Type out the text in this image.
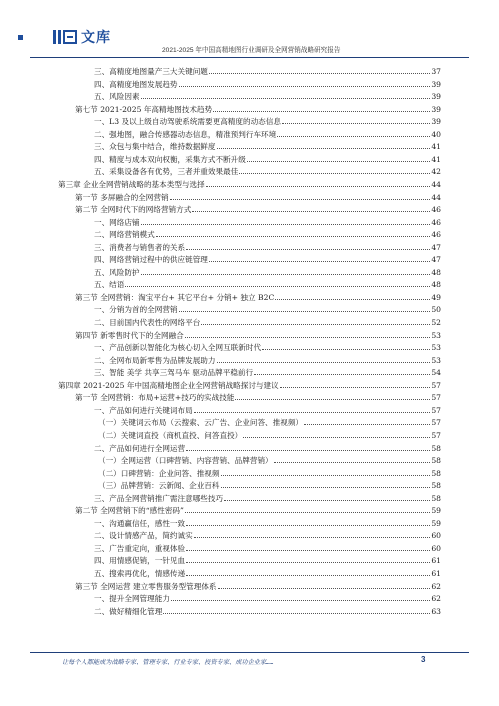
文库
2021-2025 年中国高精地图行业调研及全网营销战略研究报告
三、高精度地图量产三大关键问题	37
四、高精度地图发展趋势	39
五、风险因素	39
第七节 2021-2025 年高精地图技术趋势	39
一、L3 及以上级自动驾驶系统需要更高精度的动态信息	39
二、强地图，融合传感器动态信息，精准预判行车环境	40
三、众包与集中结合，维持数据鲜度	41
四、精度与成本双向权衡，采集方式不断升级	41
五、采集设备各有优势，三者并重效果最佳	42
第三章 企业全网营销战略的基本类型与选择	44
第一节 多屏融合的全网营销	44
第二节 全网时代下的网络营销方式	46
一、网络店铺	46
二、网络营销模式	46
三、消费者与销售者的关系	47
四、网络营销过程中的供应链管理	47
五、风险防护	48
五、结语	48
第三节 全网营销：淘宝平台+ 其它平台+ 分销+ 独立 B2C	49
一、分销为首的全网营销	50
二、目前国内代表性的网络平台	52
第四节 新零售时代下的全网融合	53
一、产品创新以智能化为核心切入全网互联新时代	53
二、全网布局新零售为品牌发展助力	53
三、智能 美学 共享三驾马车 驱动品牌平稳前行	54
第四章 2021-2025 年中国高精地图企业全网营销战略探讨与建议	57
第一节 全网营销：布局+运营+技巧的实战技能	57
一、产品如何进行关键词布局	57
（一）关键词云布局（云搜索、云广告、企业问答、推视频）	57
（二）关键词直投（商机直投、问答直投）	57
二、产品如何进行全网运营	58
（一）全网运营（口碑营销、内容营销、品牌营销）	58
（二）口碑营销：企业问答、推视频	58
（三）品牌营销：云新闻、企业百科	58
三、产品全网营销推广需注意哪些技巧	58
第二节 全网营销下的“感性密码”	59
一、沟通赢信任，感性一致	59
二、设计情感产品，简约诚实	60
三、广告重定向，重视体验	60
四、用情感促销，一针见血	61
五、搜索再优化，情感传递	61
第三节 全网运营 建立零售服务型管理体系	62
一、提升全网管理能力	62
二、做好精细化管理	63
让每个人都能成为战略专家、管理专家、行业专家、投资专家、成功企业家……	3
